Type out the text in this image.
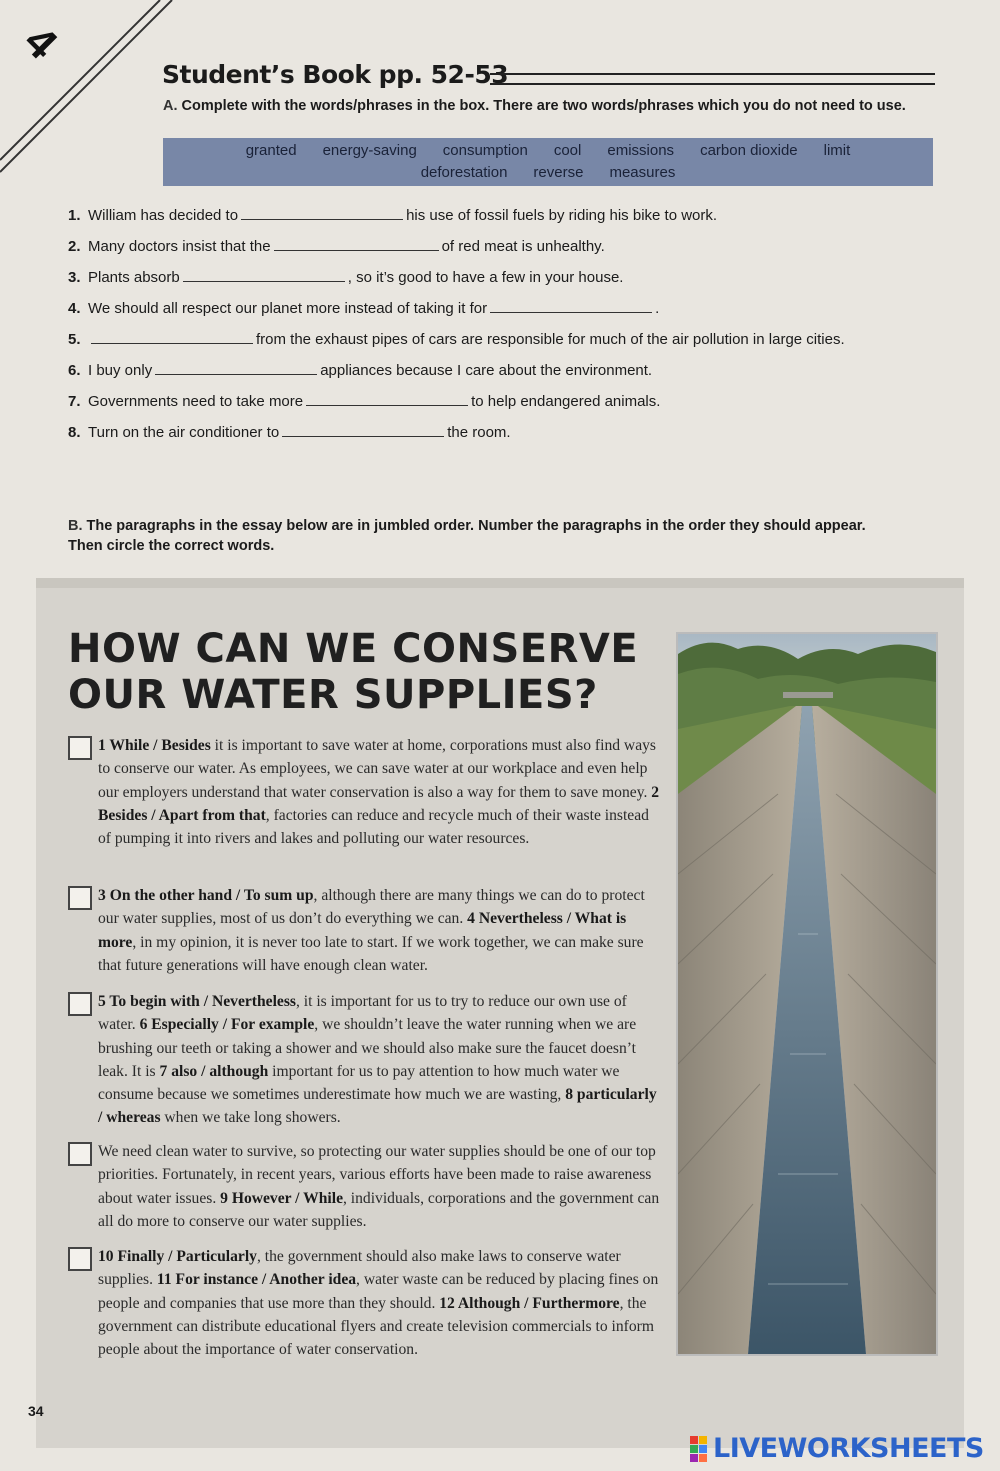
4
Student’s Book pp. 52-53
A. Complete with the words/phrases in the box. There are two words/phrases which you do not need to use.
granted energy-saving consumption cool emissions carbon dioxide limit
deforestation reverse measures
1. William has decided to	his use of fossil fuels by riding his bike to work.
2. Many doctors insist that the	of red meat is unhealthy.
3. Plants absorb	, so it’s good to have a few in your house.
4. We should all respect our planet more instead of taking it for	.
5.	from the exhaust pipes of cars are responsible for much of the air pollution in large cities.
6. I buy only	appliances because I care about the environment.
7. Governments need to take more	to help endangered animals.
8. Turn on the air conditioner to	the room.
B. The paragraphs in the essay below are in jumbled order. Number the paragraphs in the order they should appear. Then circle the correct words.
HOW CAN WE CONSERVE OUR WATER SUPPLIES?
1 While / Besides it is important to save water at home, corporations must also find ways to conserve our water. As employees, we can save water at our workplace and even help our employers understand that water conservation is also a way for them to save money. 2 Besides / Apart from that, factories can reduce and recycle much of their waste instead of pumping it into rivers and lakes and polluting our water resources.
3 On the other hand / To sum up, although there are many things we can do to protect our water supplies, most of us don’t do everything we can. 4 Nevertheless / What is more, in my opinion, it is never too late to start. If we work together, we can make sure that future generations will have enough clean water.
5 To begin with / Nevertheless, it is important for us to try to reduce our own use of water. 6 Especially / For example, we shouldn’t leave the water running when we are brushing our teeth or taking a shower and we should also make sure the faucet doesn’t leak. It is 7 also / although important for us to pay attention to how much water we consume because we sometimes underestimate how much we are wasting, 8 particularly / whereas when we take long showers.
We need clean water to survive, so protecting our water supplies should be one of our top priorities. Fortunately, in recent years, various efforts have been made to raise awareness about water issues. 9 However / While, individuals, corporations and the government can all do more to conserve our water supplies.
10 Finally / Particularly, the government should also make laws to conserve water supplies. 11 For instance / Another idea, water waste can be reduced by placing fines on people and companies that use more than they should. 12 Although / Furthermore, the government can distribute educational flyers and create television commercials to inform people about the importance of water conservation.
34
LIVEWORKSHEETS
